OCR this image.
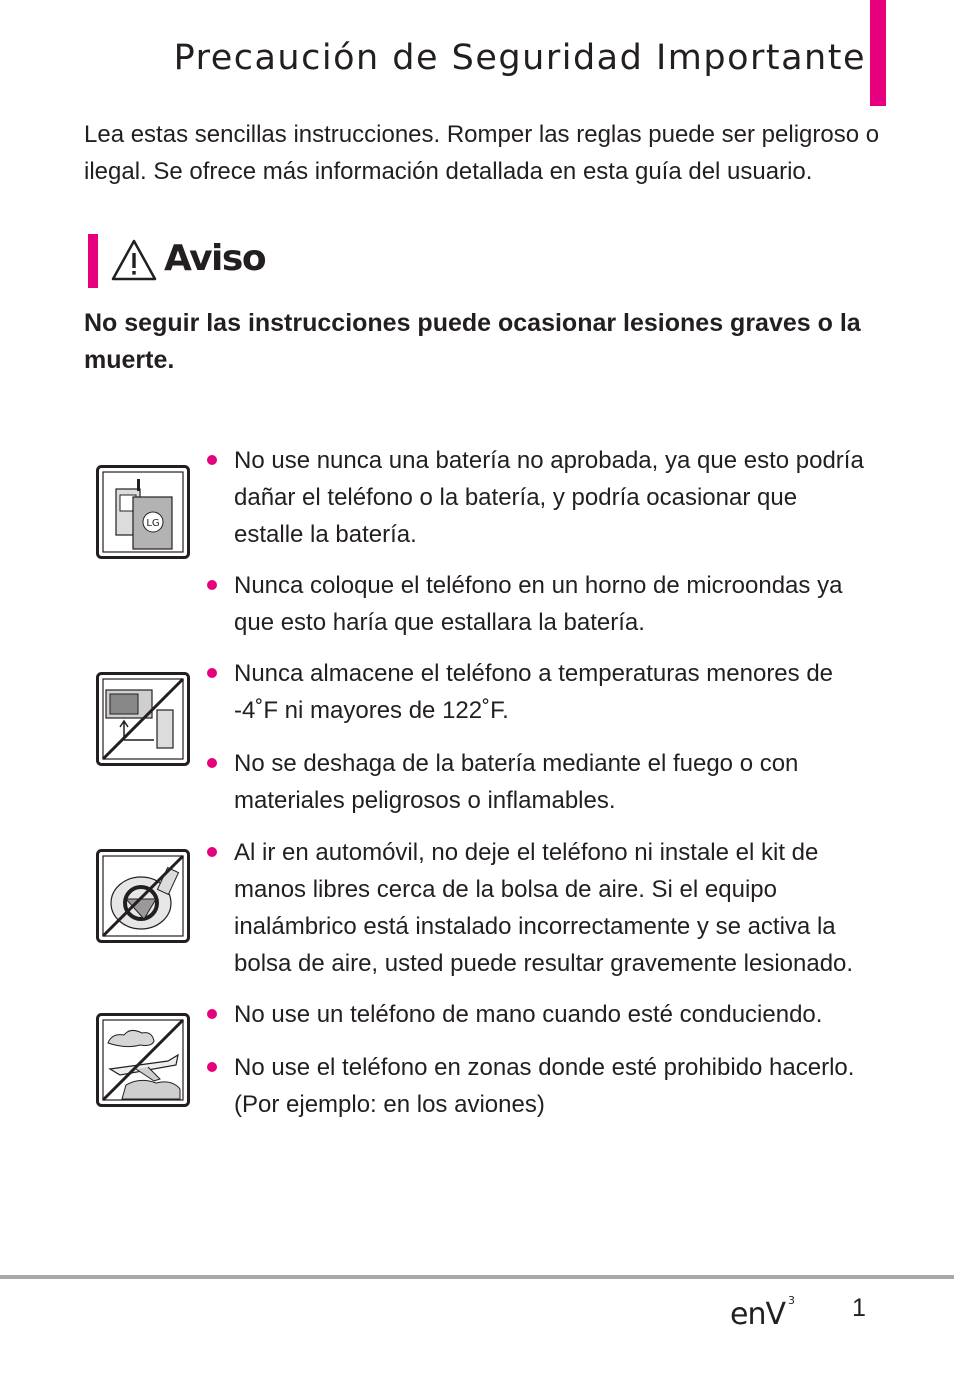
Precaución de Seguridad Importante
Lea estas sencillas instrucciones. Romper las reglas puede ser peligroso o ilegal. Se ofrece más información detallada en esta guía del usuario.
Aviso
No seguir las instrucciones puede ocasionar lesiones graves o la muerte.
LG
No use nunca una batería no aprobada, ya que esto podría dañar el teléfono o la batería, y podría ocasionar que estalle la batería.
Nunca coloque el teléfono en un horno de microondas ya que esto haría que estallara la batería.
Nunca almacene el teléfono a temperaturas menores de -4˚F ni mayores de 122˚F.
No se deshaga de la batería mediante el fuego o con materiales peligrosos o inflamables.
Al ir en automóvil, no deje el teléfono ni instale el kit de manos libres cerca de la bolsa de aire. Si el equipo inalámbrico está instalado incorrectamente y se activa la bolsa de aire, usted puede resultar gravemente lesionado.
No use un teléfono de mano cuando esté conduciendo.
No use el teléfono en zonas donde esté prohibido hacerlo. (Por ejemplo: en los aviones)
enV 3 1
